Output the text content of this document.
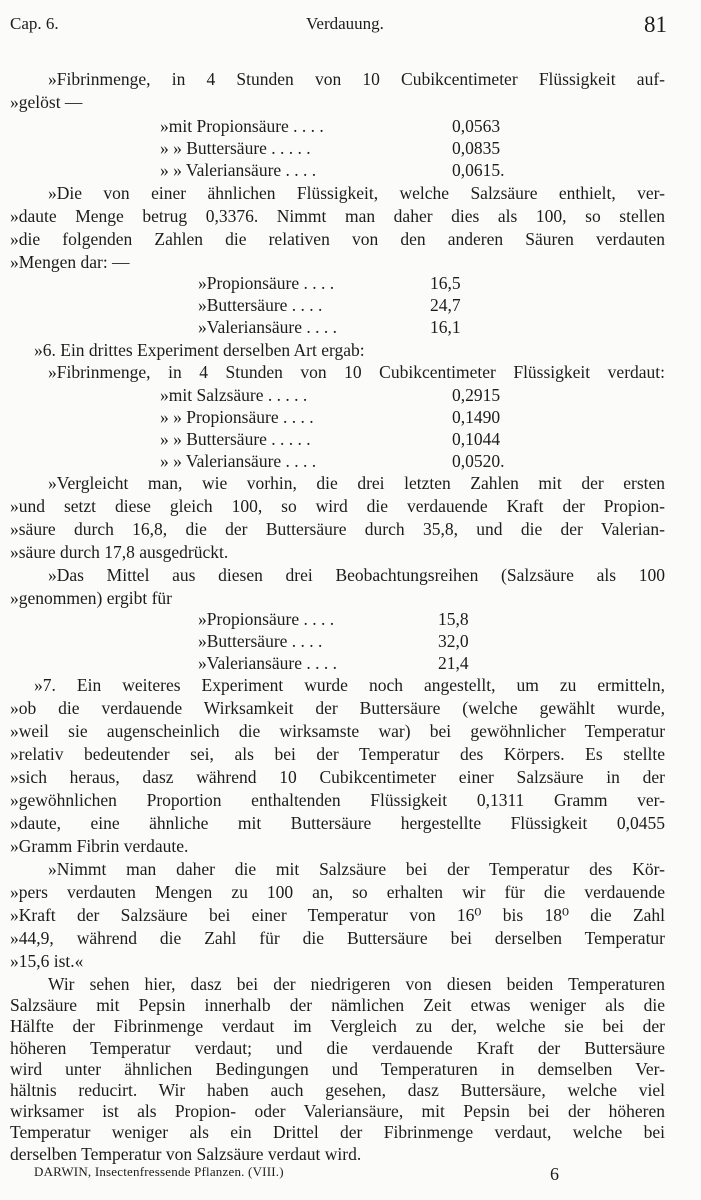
Cap. 6.	Verdauung.	81
»Fibrinmenge, in 4 Stunden von 10 Cubikcentimeter Flüssigkeit auf-
»gelöst —
»mit Propionsäure . . . .	0,0563
» » Buttersäure . . . . .	0,0835
» » Valeriansäure . . . .	0,0615.
»Die von einer ähnlichen Flüssigkeit, welche Salzsäure enthielt, ver-
»daute Menge betrug 0,3376. Nimmt man daher dies als 100, so stellen
»die folgenden Zahlen die relativen von den anderen Säuren verdauten
»Mengen dar: —
»Propionsäure . . . .	16,5
»Buttersäure . . . .	24,7
»Valeriansäure . . . .	16,1
»6. Ein drittes Experiment derselben Art ergab:
»Fibrinmenge, in 4 Stunden von 10 Cubikcentimeter Flüssigkeit verdaut:
»mit Salzsäure . . . . .	0,2915
» » Propionsäure . . . .	0,1490
» » Buttersäure . . . . .	0,1044
» » Valeriansäure . . . .	0,0520.
»Vergleicht man, wie vorhin, die drei letzten Zahlen mit der ersten
»und setzt diese gleich 100, so wird die verdauende Kraft der Propion-
»säure durch 16,8, die der Buttersäure durch 35,8, und die der Valerian-
»säure durch 17,8 ausgedrückt.
»Das Mittel aus diesen drei Beobachtungsreihen (Salzsäure als 100
»genommen) ergibt für
»Propionsäure . . . .	15,8
»Buttersäure . . . .	32,0
»Valeriansäure . . . .	21,4
»7. Ein weiteres Experiment wurde noch angestellt, um zu ermitteln,
»ob die verdauende Wirksamkeit der Buttersäure (welche gewählt wurde,
»weil sie augenscheinlich die wirksamste war) bei gewöhnlicher Temperatur
»relativ bedeutender sei, als bei der Temperatur des Körpers. Es stellte
»sich heraus, dasz während 10 Cubikcentimeter einer Salzsäure in der
»gewöhnlichen Proportion enthaltenden Flüssigkeit 0,1311 Gramm ver-
»daute, eine ähnliche mit Buttersäure hergestellte Flüssigkeit 0,0455
»Gramm Fibrin verdaute.
»Nimmt man daher die mit Salzsäure bei der Temperatur des Kör-
»pers verdauten Mengen zu 100 an, so erhalten wir für die verdauende
»Kraft der Salzsäure bei einer Temperatur von 16⁰ bis 18⁰ die Zahl
»44,9, während die Zahl für die Buttersäure bei derselben Temperatur
»15,6 ist.«
Wir sehen hier, dasz bei der niedrigeren von diesen beiden Temperaturen
Salzsäure mit Pepsin innerhalb der nämlichen Zeit etwas weniger als die
Hälfte der Fibrinmenge verdaut im Vergleich zu der, welche sie bei der
höheren Temperatur verdaut; und die verdauende Kraft der Buttersäure
wird unter ähnlichen Bedingungen und Temperaturen in demselben Ver-
hältnis reducirt. Wir haben auch gesehen, dasz Buttersäure, welche viel
wirksamer ist als Propion- oder Valeriansäure, mit Pepsin bei der höheren
Temperatur weniger als ein Drittel der Fibrinmenge verdaut, welche bei
DARWIN, Insectenfressende Pflanzen. (VIII.)	6
derselben Temperatur von Salzsäure verdaut wird.
